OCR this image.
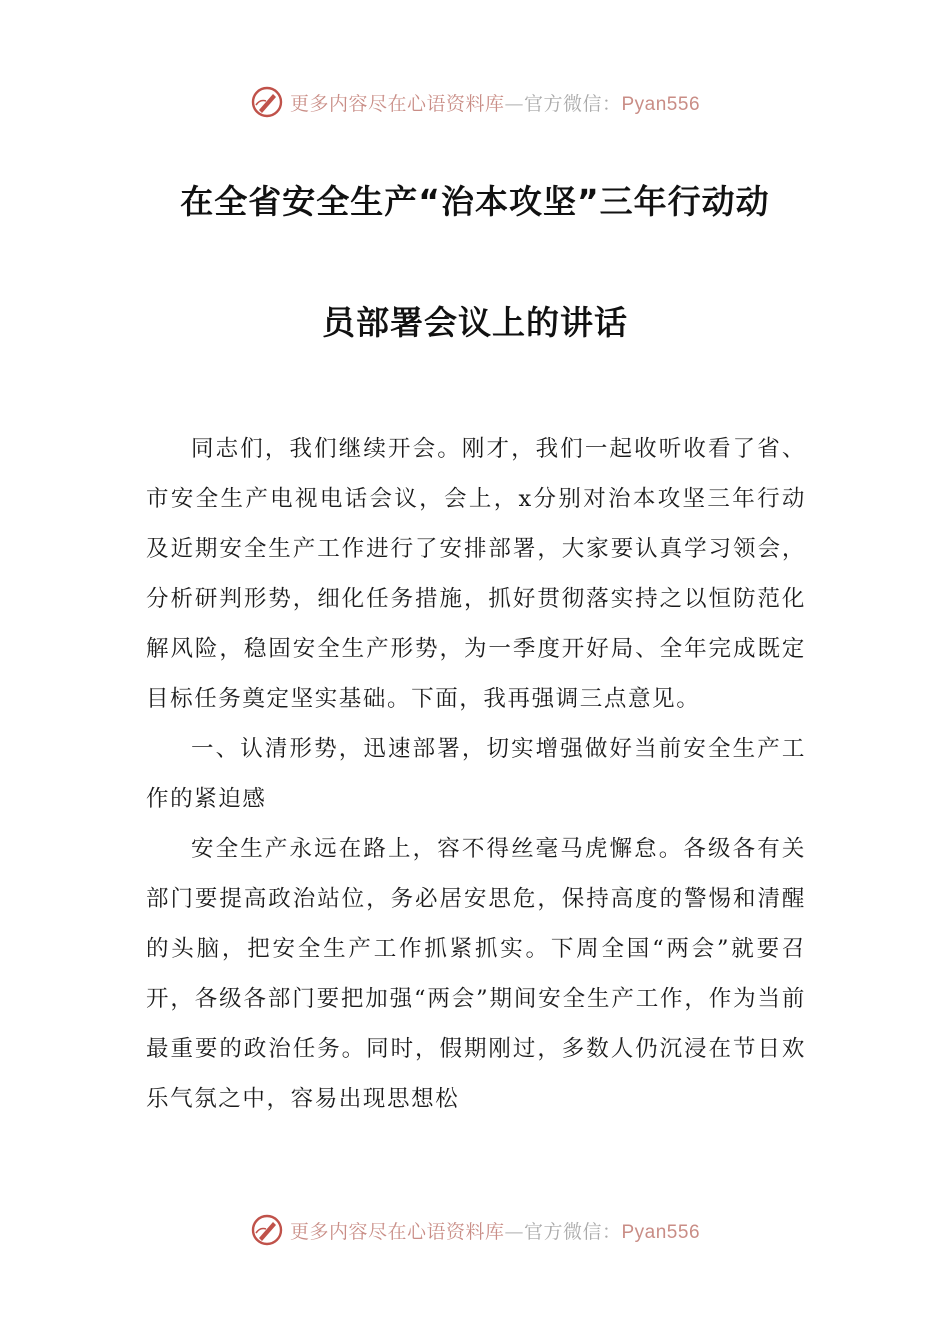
更多内容尽在心语资料库—官方微信：Pyan556
在全省安全生产“治本攻坚”三年行动动
员部署会议上的讲话

同志们，我们继续开会。刚才，我们一起收听收看了省、市安全生产电视电话会议，会上，x分别对治本攻坚三年行动及近期安全生产工作进行了安排部署，大家要认真学习领会，分析研判形势，细化任务措施，抓好贯彻落实持之以恒防范化解风险，稳固安全生产形势，为一季度开好局、全年完成既定目标任务奠定坚实基础。下面，我再强调三点意见。

一、认清形势，迅速部署，切实增强做好当前安全生产工作的紧迫感

安全生产永远在路上，容不得丝毫马虎懈怠。各级各有关部门要提高政治站位，务必居安思危，保持高度的警惕和清醒的头脑，把安全生产工作抓紧抓实。下周全国“两会”就要召开，各级各部门要把加强“两会”期间安全生产工作，作为当前最重要的政治任务。同时，假期刚过，多数人仍沉浸在节日欢乐气氛之中，容易出现思想松

更多内容尽在心语资料库—官方微信：Pyan556
